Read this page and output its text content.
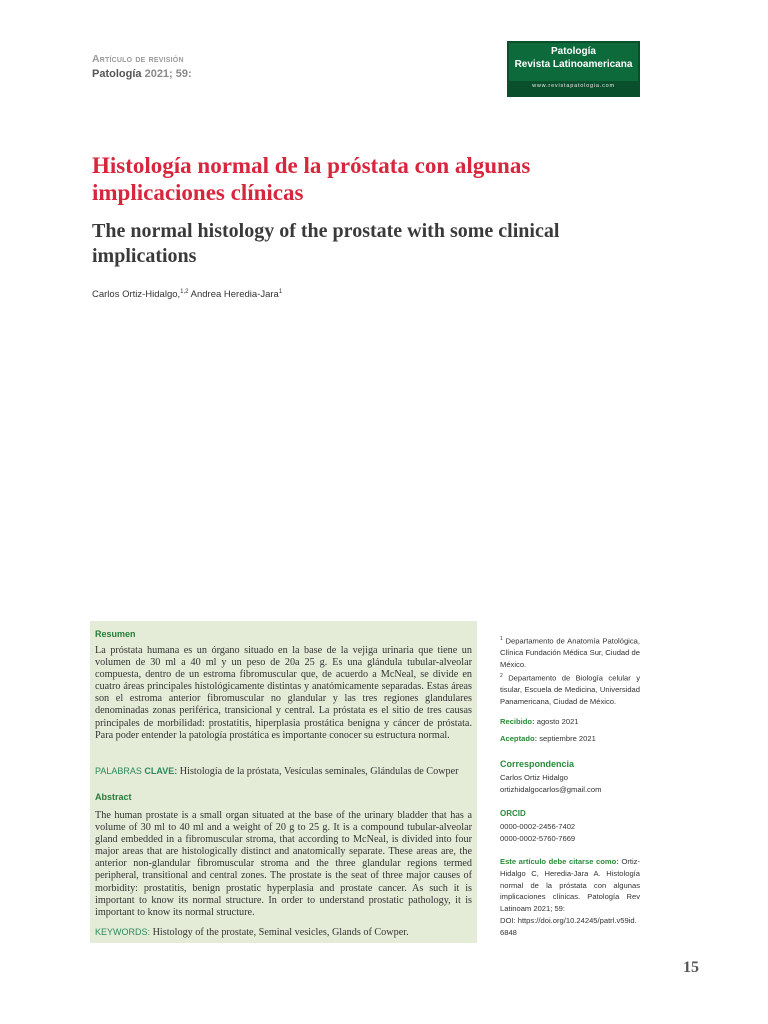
Artículo de revisión
Patología 2021; 59:
Patología
Revista Latinoamericana
www.revistapatologia.com
Histología normal de la próstata con algunas implicaciones clínicas
The normal histology of the prostate with some clinical implications
Carlos Ortiz-Hidalgo,$^{1,2}$ Andrea Heredia-Jara$^1$
Resumen
La próstata humana es un órgano situado en la base de la vejiga urinaria que tiene un volumen de 30 ml a 40 ml y un peso de 20a 25 g. Es una glándula tubular-alveolar compuesta, dentro de un estroma fibromuscular que, de acuerdo a McNeal, se divide en cuatro áreas principales histológicamente distintas y anatómicamente separadas. Estas áreas son el estroma anterior fibromuscular no glandular y las tres regiones glandulares denominadas zonas periférica, transicional y central. La próstata es el sitio de tres causas principales de morbilidad: prostatitis, hiperplasia prostática benigna y cáncer de próstata. Para poder entender la patología prostática es importante conocer su estructura normal.
PALABRAS CLAVE: Histología de la próstata, Vesículas seminales, Glándulas de Cowper
Abstract
The human prostate is a small organ situated at the base of the urinary bladder that has a volume of 30 ml to 40 ml and a weight of 20 g to 25 g. It is a compound tubular-alveolar gland embedded in a fibromuscular stroma, that according to McNeal, is divided into four major areas that are histologically distinct and anatomically separate. These areas are, the anterior non-glandular fibromuscular stroma and the three glandular regions termed peripheral, transitional and central zones. The prostate is the seat of three major causes of morbidity: prostatitis, benign prostatic hyperplasia and prostate cancer. As such it is important to know its normal structure. In order to understand prostatic pathology, it is important to know its normal structure.
KEYWORDS: Histology of the prostate, Seminal vesicles, Glands of Cowper.
$^1$ Departamento de Anatomía Patológica, Clínica Fundación Médica Sur, Ciudad de México.
$^2$ Departamento de Biología celular y tisular, Escuela de Medicina, Universidad Panamericana, Ciudad de México.
Recibido: agosto 2021
Aceptado: septiembre 2021
Correspondencia
Carlos Ortiz Hidalgo
ortizhidalgocarlos@gmail.com
ORCID
0000-0002-2456-7402
0000-0002-5760-7669
Este artículo debe citarse como: Ortiz-Hidalgo C, Heredia-Jara A. Histología normal de la próstata con algunas implicaciones clínicas. Patología Rev Latinoam 2021; 59:
DOI: https://doi.org/10.24245/patrl.v59id.6848
15
